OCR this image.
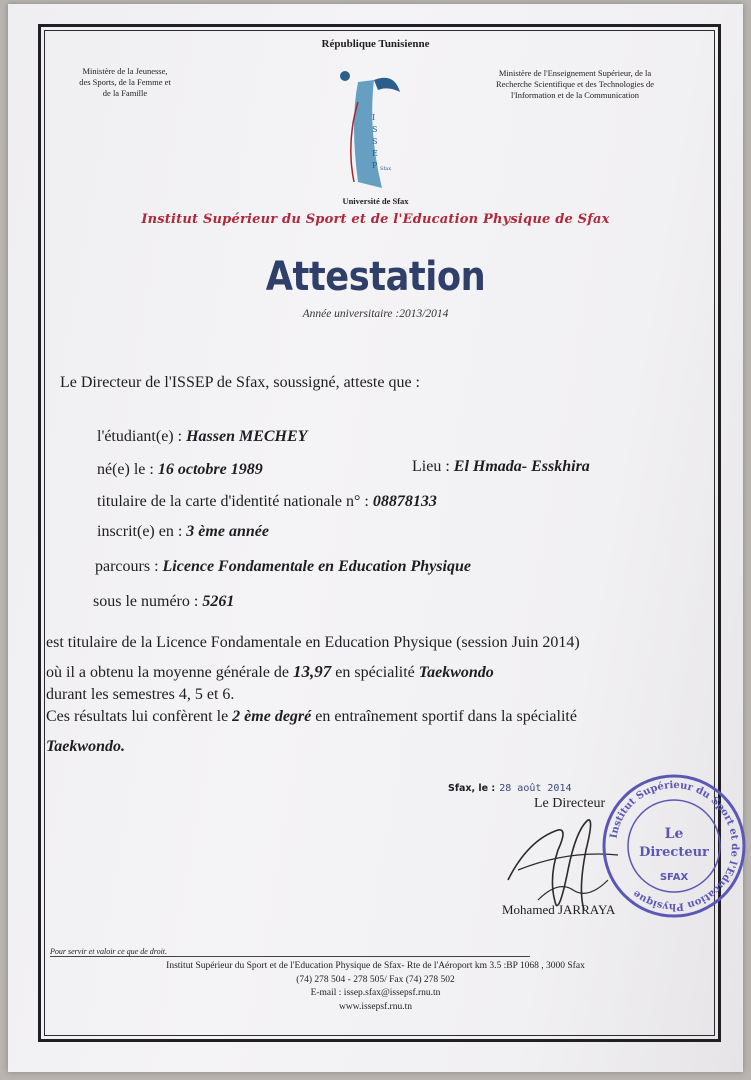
République Tunisienne
Ministère de la Jeunesse,
des Sports, de la Femme et
de la Famille
Ministère de l'Enseignement Supérieur, de la
Recherche Scientifique et des Technologies de
l'Information et de la Communication
I
S
S
E
P Sfax
Université de Sfax
Institut Supérieur du Sport et de l'Education Physique de Sfax
Attestation
Année universitaire :2013/2014
Le Directeur de l'ISSEP de Sfax, soussigné, atteste que :
l'étudiant(e) : Hassen MECHEY
né(e) le : 16 octobre 1989	Lieu : El Hmada- Esskhira
titulaire de la carte d'identité nationale n° : 08878133
inscrit(e) en : 3 ème année
parcours : Licence Fondamentale en Education Physique
sous le numéro : 5261
est titulaire de la Licence Fondamentale en Education Physique (session Juin 2014)
où il a obtenu la moyenne générale de 13,97 en spécialité Taekwondo
durant les semestres 4, 5 et 6.
Ces résultats lui confèrent le 2 ème degré en entraînement sportif dans la spécialité
Taekwondo.
Sfax, le : 28 août 2014
Le Directeur
Institut Supérieur du Sport et de l'Education Physique
Le
Directeur
SFAX
Mohamed JARRAYA
Pour servir et valoir ce que de droit.
Institut Supérieur du Sport et de l'Education Physique de Sfax- Rte de l'Aéroport km 3.5 :BP 1068 , 3000 Sfax
(74) 278 504 - 278 505/ Fax (74) 278 502
E-mail : issep.sfax@issepsf.rnu.tn
www.issepsf.rnu.tn
